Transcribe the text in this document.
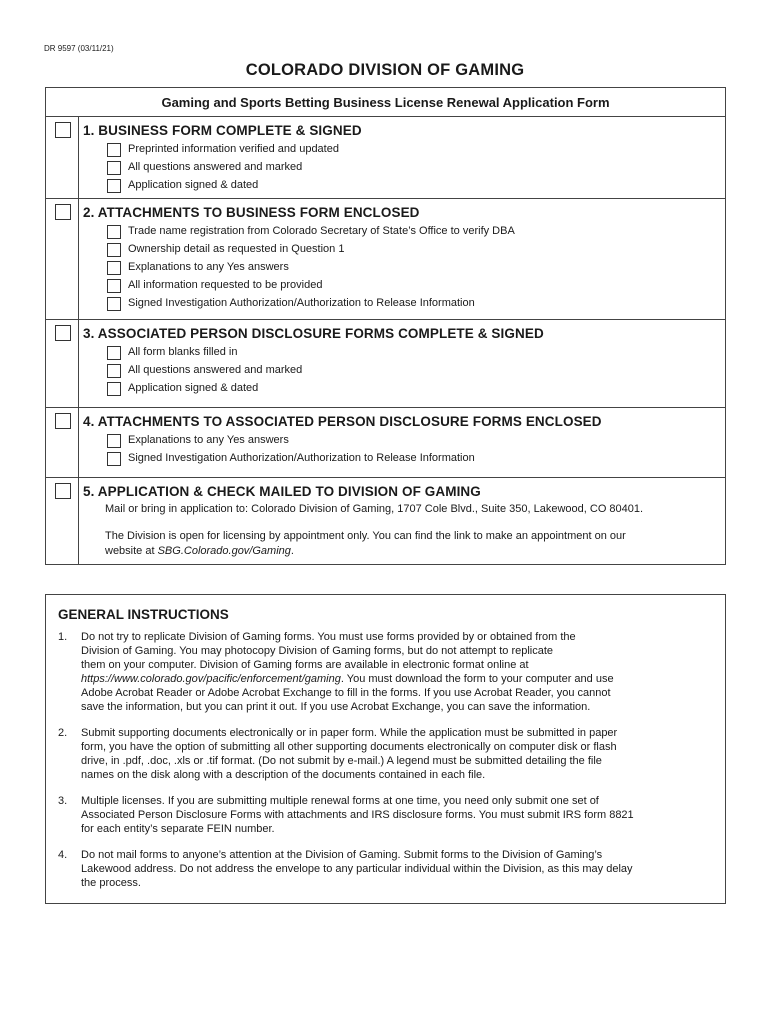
DR 9597 (03/11/21)
COLORADO DIVISION OF GAMING
Gaming and Sports Betting Business License Renewal Application Form
1. BUSINESS FORM COMPLETE & SIGNED
Preprinted information verified and updated
All questions answered and marked
Application signed & dated
2. ATTACHMENTS TO BUSINESS FORM ENCLOSED
Trade name registration from Colorado Secretary of State’s Office to verify DBA
Ownership detail as requested in Question 1
Explanations to any Yes answers
All information requested to be provided
Signed Investigation Authorization/Authorization to Release Information
3. ASSOCIATED PERSON DISCLOSURE FORMS COMPLETE & SIGNED
All form blanks filled in
All questions answered and marked
Application signed & dated
4. ATTACHMENTS TO ASSOCIATED PERSON DISCLOSURE FORMS ENCLOSED
Explanations to any Yes answers
Signed Investigation Authorization/Authorization to Release Information
5. APPLICATION & CHECK MAILED TO DIVISION OF GAMING
Mail or bring in application to: Colorado Division of Gaming, 1707 Cole Blvd., Suite 350, Lakewood, CO 80401.
The Division is open for licensing by appointment only. You can find the link to make an appointment on our
website at SBG.Colorado.gov/Gaming.
GENERAL INSTRUCTIONS
1. Do not try to replicate Division of Gaming forms. You must use forms provided by or obtained from the
Division of Gaming. You may photocopy Division of Gaming forms, but do not attempt to replicate
them on your computer. Division of Gaming forms are available in electronic format online at
https://www.colorado.gov/pacific/enforcement/gaming. You must download the form to your computer and use
Adobe Acrobat Reader or Adobe Acrobat Exchange to fill in the forms. If you use Acrobat Reader, you cannot
save the information, but you can print it out. If you use Acrobat Exchange, you can save the information.
2. Submit supporting documents electronically or in paper form. While the application must be submitted in paper
form, you have the option of submitting all other supporting documents electronically on computer disk or flash
drive, in .pdf, .doc, .xls or .tif format. (Do not submit by e-mail.) A legend must be submitted detailing the file
names on the disk along with a description of the documents contained in each file.
3. Multiple licenses. If you are submitting multiple renewal forms at one time, you need only submit one set of
Associated Person Disclosure Forms with attachments and IRS disclosure forms. You must submit IRS form 8821
for each entity’s separate FEIN number.
4. Do not mail forms to anyone’s attention at the Division of Gaming. Submit forms to the Division of Gaming’s
Lakewood address. Do not address the envelope to any particular individual within the Division, as this may delay
the process.
